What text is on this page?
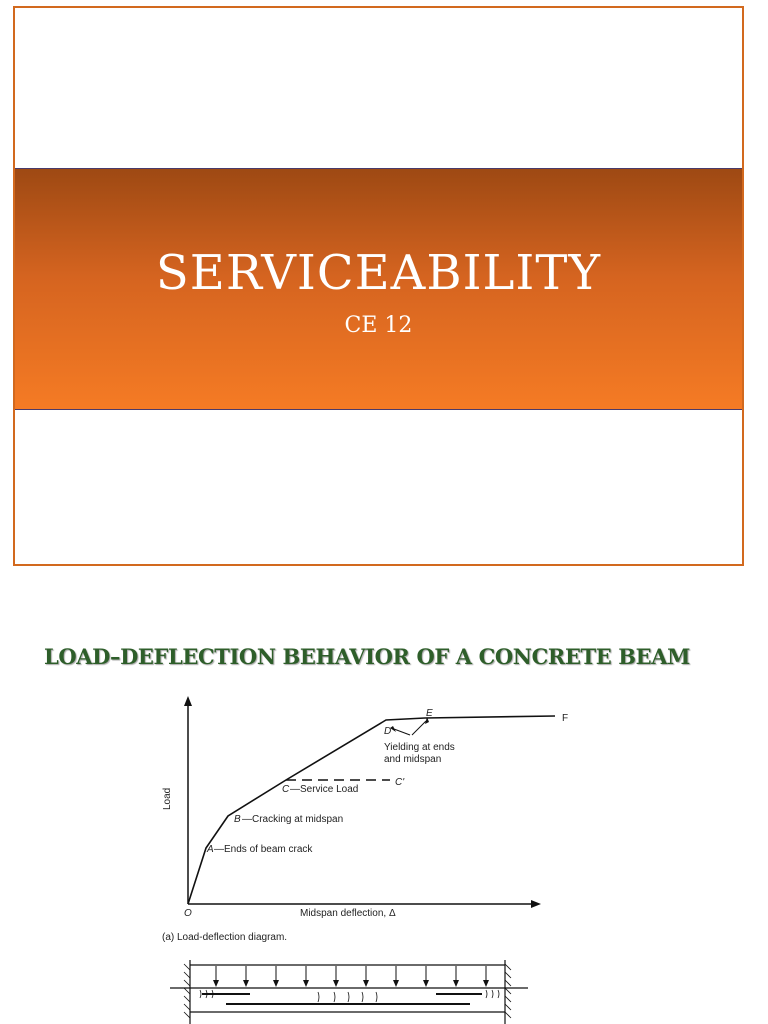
SERVICEABILITY
CE 12
LOAD–DEFLECTION BEHAVIOR OF A CONCRETE BEAM
Load
Midspan deflection, Δ
O
A —Ends of beam crack
B —Cracking at midspan
C —Service Load
C'
D
E	F
Yielding at ends
and midspan
(a) Load-deflection diagram.
